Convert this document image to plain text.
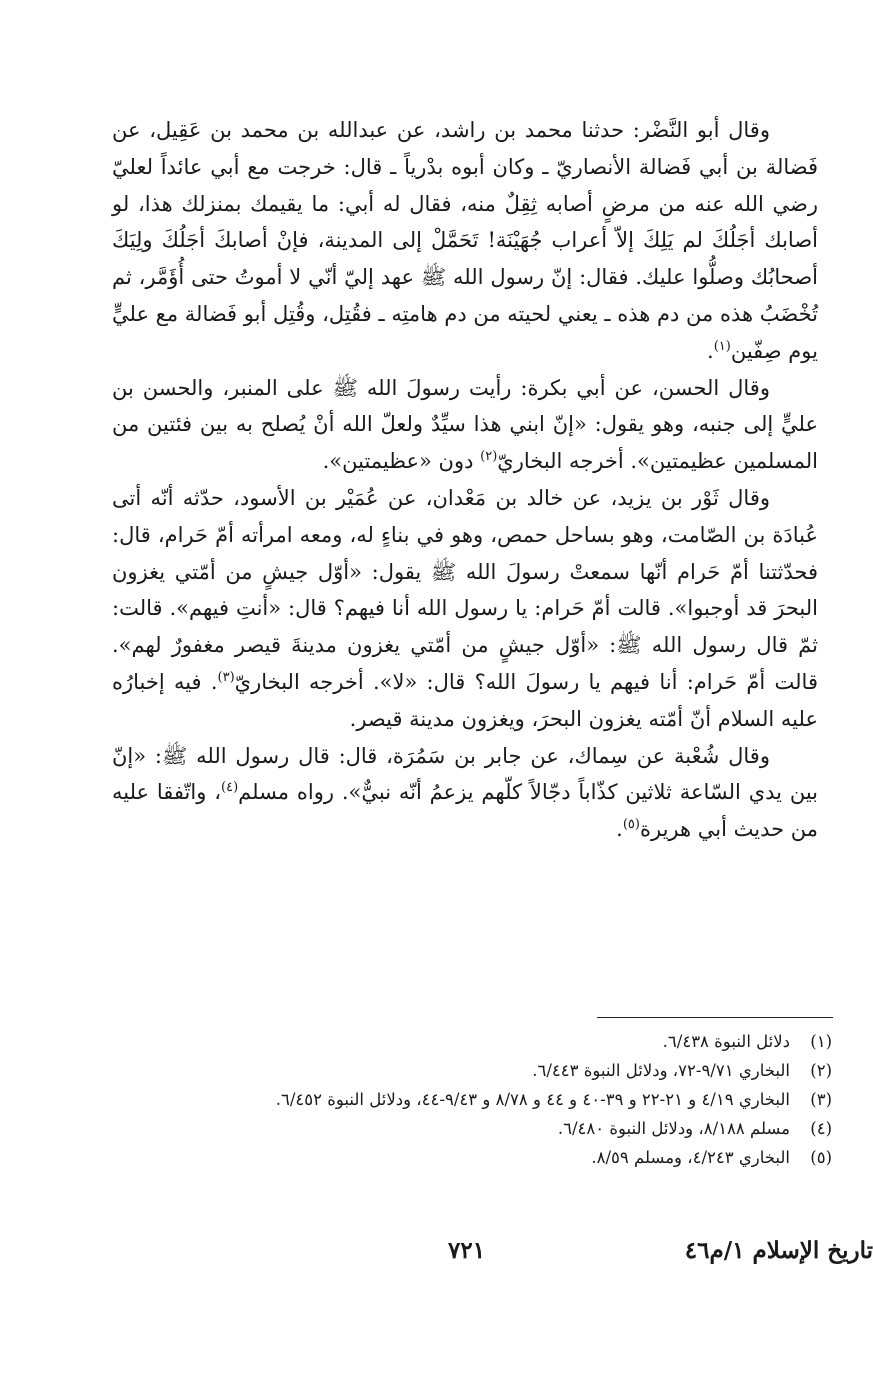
وقال أبو النَّضْر: حدثنا محمد بن راشد، عن عبدالله بن محمد بن عَقِيل، عن فَضالة بن أبي فَضالة الأنصاريّ ـ وكان أبوه بدْرياً ـ قال: خرجت مع أبي عائداً لعليّ رضي الله عنه من مرضٍ أصابه ثِقِلٌ منه، فقال له أبي: ما يقيمك بمنزلك هذا، لو أصابك أجَلُكَ لم يَلِكَ إلاّ أعراب جُهَيْنَة! تَحَمَّلْ إلى المدينة، فإنْ أصابكَ أجَلُكَ ولِيَكَ أصحابُك وصلُّوا عليك. فقال: إنّ رسول الله ﷺ عهد إليّ أنّي لا أموتُ حتى أُؤَمَّر، ثم تُخْضَبُ هذه من دم هذه ـ يعني لحيته من دم هامتِه ـ فقُتِل، وقُتِل أبو فَضالة مع عليٍّ يوم صِفّين$^{(١)}$.

وقال الحسن، عن أبي بكرة: رأيت رسولَ الله ﷺ على المنبر، والحسن بن عليٍّ إلى جنبه، وهو يقول: «إنّ ابني هذا سيِّدٌ ولعلّ الله أنْ يُصلح به بين فئتين من المسلمين عظيمتين». أخرجه البخاريّ$^{(٢)}$ دون «عظيمتين».

وقال ثَوْر بن يزيد، عن خالد بن مَعْدان، عن عُمَيْر بن الأسود، حدّثه أنّه أتى عُبادَة بن الصّامت، وهو بساحل حمص، وهو في بناءٍ له، ومعه امرأته أمّ حَرام، قال: فحدّثتنا أمّ حَرام أنّها سمعتْ رسولَ الله ﷺ يقول: «أوّل جيشٍ من أمّتي يغزون البحرَ قد أوجبوا». قالت أمّ حَرام: يا رسول الله أنا فيهم؟ قال: «أنتِ فيهم». قالت: ثمّ قال رسول الله ﷺ: «أوّل جيشٍ من أمّتي يغزون مدينةَ قيصر مغفورٌ لهم». قالت أمّ حَرام: أنا فيهم يا رسولَ الله؟ قال: «لا». أخرجه البخاريّ$^{(٣)}$. فيه إخبارُه عليه السلام أنّ أمّته يغزون البحرَ، ويغزون مدينة قيصر.

وقال شُعْبة عن سِماك، عن جابر بن سَمُرَة، قال: قال رسول الله ﷺ: «إنّ بين يدي السّاعة ثلاثين كذّاباً دجّالاً كلّهم يزعمُ أنّه نبيٌّ». رواه مسلم$^{(٤)}$، واتّفقا عليه من حديث أبي هريرة$^{(٥)}$.

(١)
دلائل النبوة ٦/٤٣٨.
(٢)
البخاري ٩/٧١-٧٢، ودلائل النبوة ٦/٤٤٣.
(٣)
البخاري ٤/١٩ و ٢١-٢٢ و ٣٩-٤٠ و ٤٤ و ٨/٧٨ و ٩/٤٣-٤٤، ودلائل النبوة ٦/٤٥٢.
(٤)
مسلم ٨/١٨٨، ودلائل النبوة ٦/٤٨٠.
(٥)
البخاري ٤/٢٤٣، ومسلم ٨/٥٩.
تاريخ الإسلام ١/م٤٦
٧٢١
